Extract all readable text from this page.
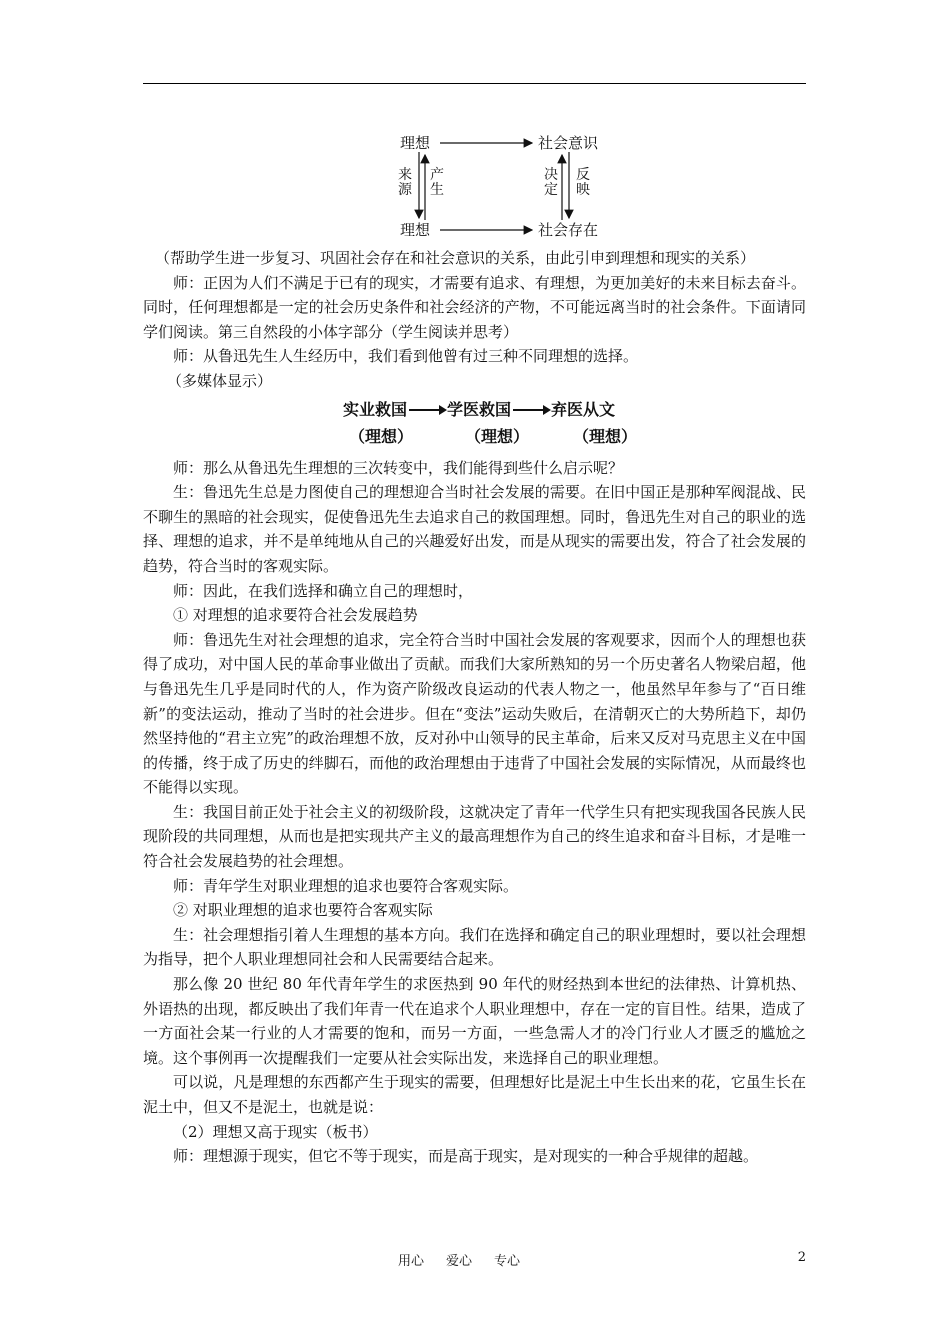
理想	社会意识
理想	社会存在
来源
产生
决定
反映

（帮助学生进一步复习、巩固社会存在和社会意识的关系，由此引申到理想和现实的关系）

师：正因为人们不满足于已有的现实，才需要有追求、有理想，为更加美好的未来目标去奋斗。同时，任何理想都是一定的社会历史条件和社会经济的产物，不可能远离当时的社会条件。下面请同学们阅读。第三自然段的小体字部分（学生阅读并思考）

师：从鲁迅先生人生经历中，我们看到他曾有过三种不同理想的选择。

（多媒体显示）

实业救国	学医救国	弃医从文
（理想）	（理想）	（理想）

师：那么从鲁迅先生理想的三次转变中，我们能得到些什么启示呢？

生：鲁迅先生总是力图使自己的理想迎合当时社会发展的需要。在旧中国正是那种军阀混战、民不聊生的黑暗的社会现实，促使鲁迅先生去追求自己的救国理想。同时，鲁迅先生对自己的职业的选择、理想的追求，并不是单纯地从自己的兴趣爱好出发，而是从现实的需要出发，符合了社会发展的趋势，符合当时的客观实际。

师：因此，在我们选择和确立自己的理想时，

① 对理想的追求要符合社会发展趋势

师：鲁迅先生对社会理想的追求，完全符合当时中国社会发展的客观要求，因而个人的理想也获得了成功，对中国人民的革命事业做出了贡献。而我们大家所熟知的另一个历史著名人物梁启超，他与鲁迅先生几乎是同时代的人，作为资产阶级改良运动的代表人物之一，他虽然早年参与了“百日维新”的变法运动，推动了当时的社会进步。但在“变法”运动失败后，在清朝灭亡的大势所趋下，却仍然坚持他的“君主立宪”的政治理想不放，反对孙中山领导的民主革命，后来又反对马克思主义在中国的传播，终于成了历史的绊脚石，而他的政治理想由于违背了中国社会发展的实际情况，从而最终也不能得以实现。

生：我国目前正处于社会主义的初级阶段，这就决定了青年一代学生只有把实现我国各民族人民现阶段的共同理想，从而也是把实现共产主义的最高理想作为自己的终生追求和奋斗目标，才是唯一符合社会发展趋势的社会理想。

师：青年学生对职业理想的追求也要符合客观实际。

② 对职业理想的追求也要符合客观实际

生：社会理想指引着人生理想的基本方向。我们在选择和确定自己的职业理想时，要以社会理想为指导，把个人职业理想同社会和人民需要结合起来。

那么像 20 世纪 80 年代青年学生的求医热到 90 年代的财经热到本世纪的法律热、计算机热、外语热的出现，都反映出了我们年青一代在追求个人职业理想中，存在一定的盲目性。结果，造成了一方面社会某一行业的人才需要的饱和，而另一方面，一些急需人才的冷门行业人才匮乏的尴尬之境。这个事例再一次提醒我们一定要从社会实际出发，来选择自己的职业理想。

可以说，凡是理想的东西都产生于现实的需要，但理想好比是泥土中生长出来的花，它虽生长在泥土中，但又不是泥土，也就是说：

（2）理想又高于现实（板书）

师：理想源于现实，但它不等于现实，而是高于现实，是对现实的一种合乎规律的超越。

用心 爱心 专心	2
